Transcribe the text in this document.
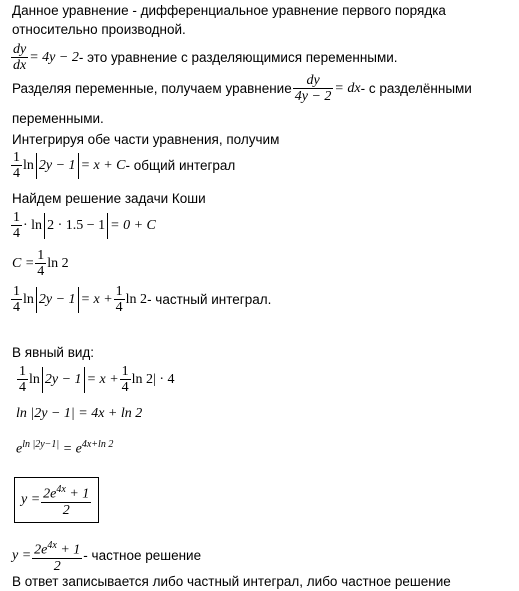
Данное уравнение - дифференциальное уравнение первого порядка
относительно производной.
$\frac{dy}{dx} = 4y - 2$ - это уравнение с разделяющимися переменными.
Разделяя переменные, получаем уравнение $\frac{dy}{4y - 2}$ = dx - с разделёнными
переменными.
Интегрируя обе части уравнения, получим
$\frac{1}{4}$ ln 2y − 1 = x + C - общий интеграл
Найдем решение задачи Коши
$\frac{1}{4} \cdot \ln 2 \cdot 1.5 - 1 = 0 + C$
$C = \frac{1}{4}$ ln 2
$\frac{1}{4}$ $\ln 2y - 1 = x + \frac{1}{4}$ ln 2 - частный интеграл.
В явный вид:
$\frac{1}{4}$ $\ln 2y - 1 = x + \frac{1}{4}$ ln 2| · 4
ln |2y − 1| = 4x + ln 2
$e^{ln |2y-1|} = e^{4x+ln 2}$
$y = \frac{2e^{4x} + 1}{2}$
$y = \frac{2e^{4x} + 1}{2}$ - частное решение
В ответ записывается либо частный интеграл, либо частное решение
